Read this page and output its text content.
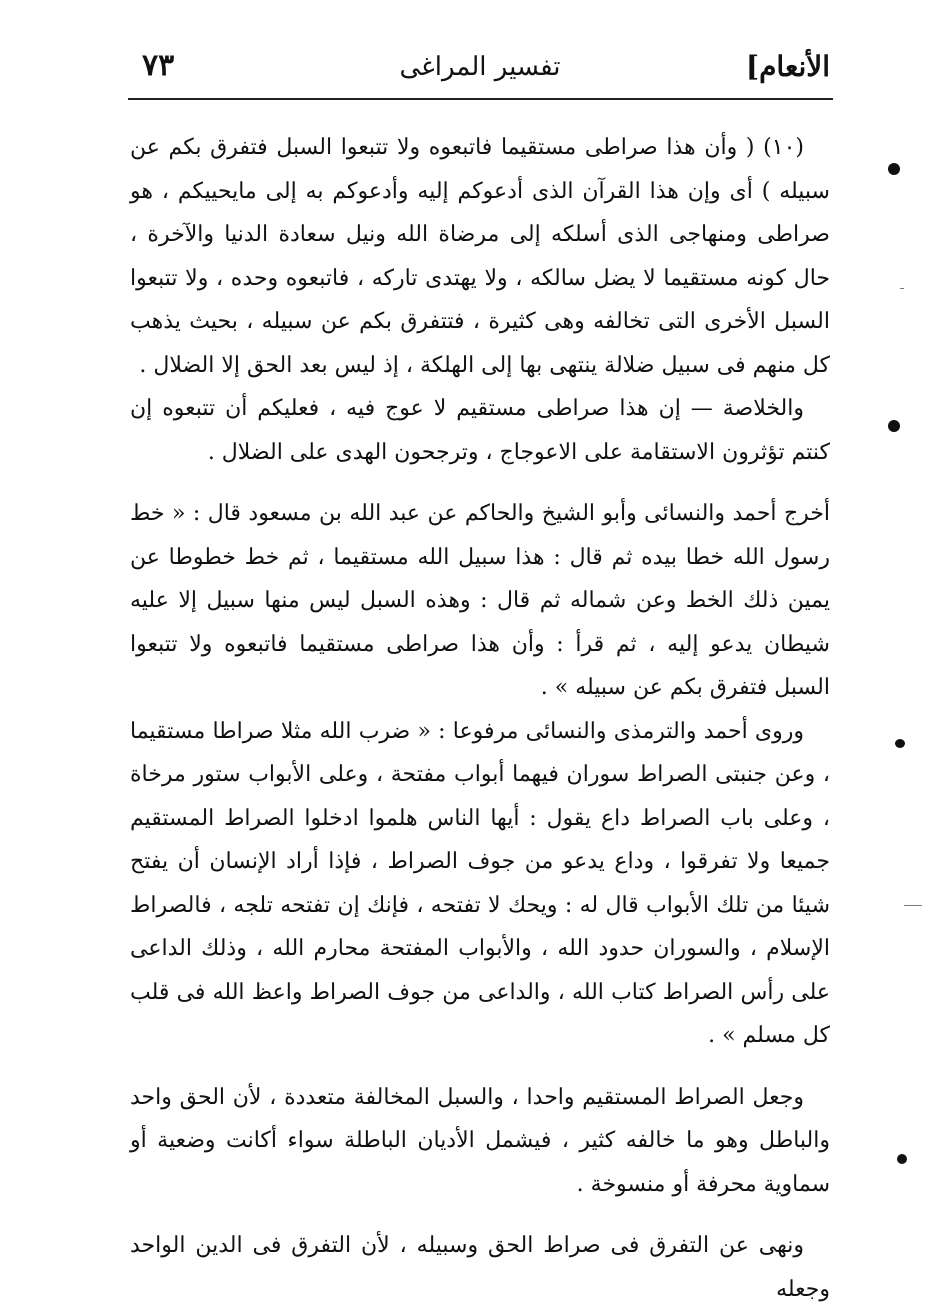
الأنعام]
تفسير المراغى
٧٣

(١٠) ( وأن هذا صراطى مستقيما فاتبعوه ولا تتبعوا السبل فتفرق بكم عن سبيله ) أى وإن هذا القرآن الذى أدعوكم إليه وأدعوكم به إلى مايحييكم ، هو صراطى ومنهاجى الذى أسلكه إلى مرضاة الله ونيل سعادة الدنيا والآخرة ، حال كونه مستقيما لا يضل سالكه ، ولا يهتدى تاركه ، فاتبعوه وحده ، ولا تتبعوا السبل الأخرى التى تخالفه وهى كثيرة ، فتتفرق بكم عن سبيله ، بحيث يذهب كل منهم فى سبيل ضلالة ينتهى بها إلى الهلكة ، إذ ليس بعد الحق إلا الضلال .

والخلاصة — إن هذا صراطى مستقيم لا عوج فيه ، فعليكم أن تتبعوه إن كنتم تؤثرون الاستقامة على الاعوجاج ، وترجحون الهدى على الضلال .

أخرج أحمد والنسائى وأبو الشيخ والحاكم عن عبد الله بن مسعود قال : « خط رسول الله خطا بيده ثم قال : هذا سبيل الله مستقيما ، ثم خط خطوطا عن يمين ذلك الخط وعن شماله ثم قال : وهذه السبل ليس منها سبيل إلا عليه شيطان يدعو إليه ، ثم قرأ : وأن هذا صراطى مستقيما فاتبعوه ولا تتبعوا السبل فتفرق بكم عن سبيله » .

وروى أحمد والترمذى والنسائى مرفوعا : « ضرب الله مثلا صراطا مستقيما ، وعن جنبتى الصراط سوران فيهما أبواب مفتحة ، وعلى الأبواب ستور مرخاة ، وعلى باب الصراط داع يقول : أيها الناس هلموا ادخلوا الصراط المستقيم جميعا ولا تفرقوا ، وداع يدعو من جوف الصراط ، فإذا أراد الإنسان أن يفتح شيئا من تلك الأبواب قال له : ويحك لا تفتحه ، فإنك إن تفتحه تلجه ، فالصراط الإسلام ، والسوران حدود الله ، والأبواب المفتحة محارم الله ، وذلك الداعى على رأس الصراط كتاب الله ، والداعى من جوف الصراط واعظ الله فى قلب كل مسلم » .

وجعل الصراط المستقيم واحدا ، والسبل المخالفة متعددة ، لأن الحق واحد والباطل وهو ما خالفه كثير ، فيشمل الأديان الباطلة سواء أكانت وضعية أو سماوية محرفة أو منسوخة .

ونهى عن التفرق فى صراط الحق وسبيله ، لأن التفرق فى الدين الواحد وجعله
